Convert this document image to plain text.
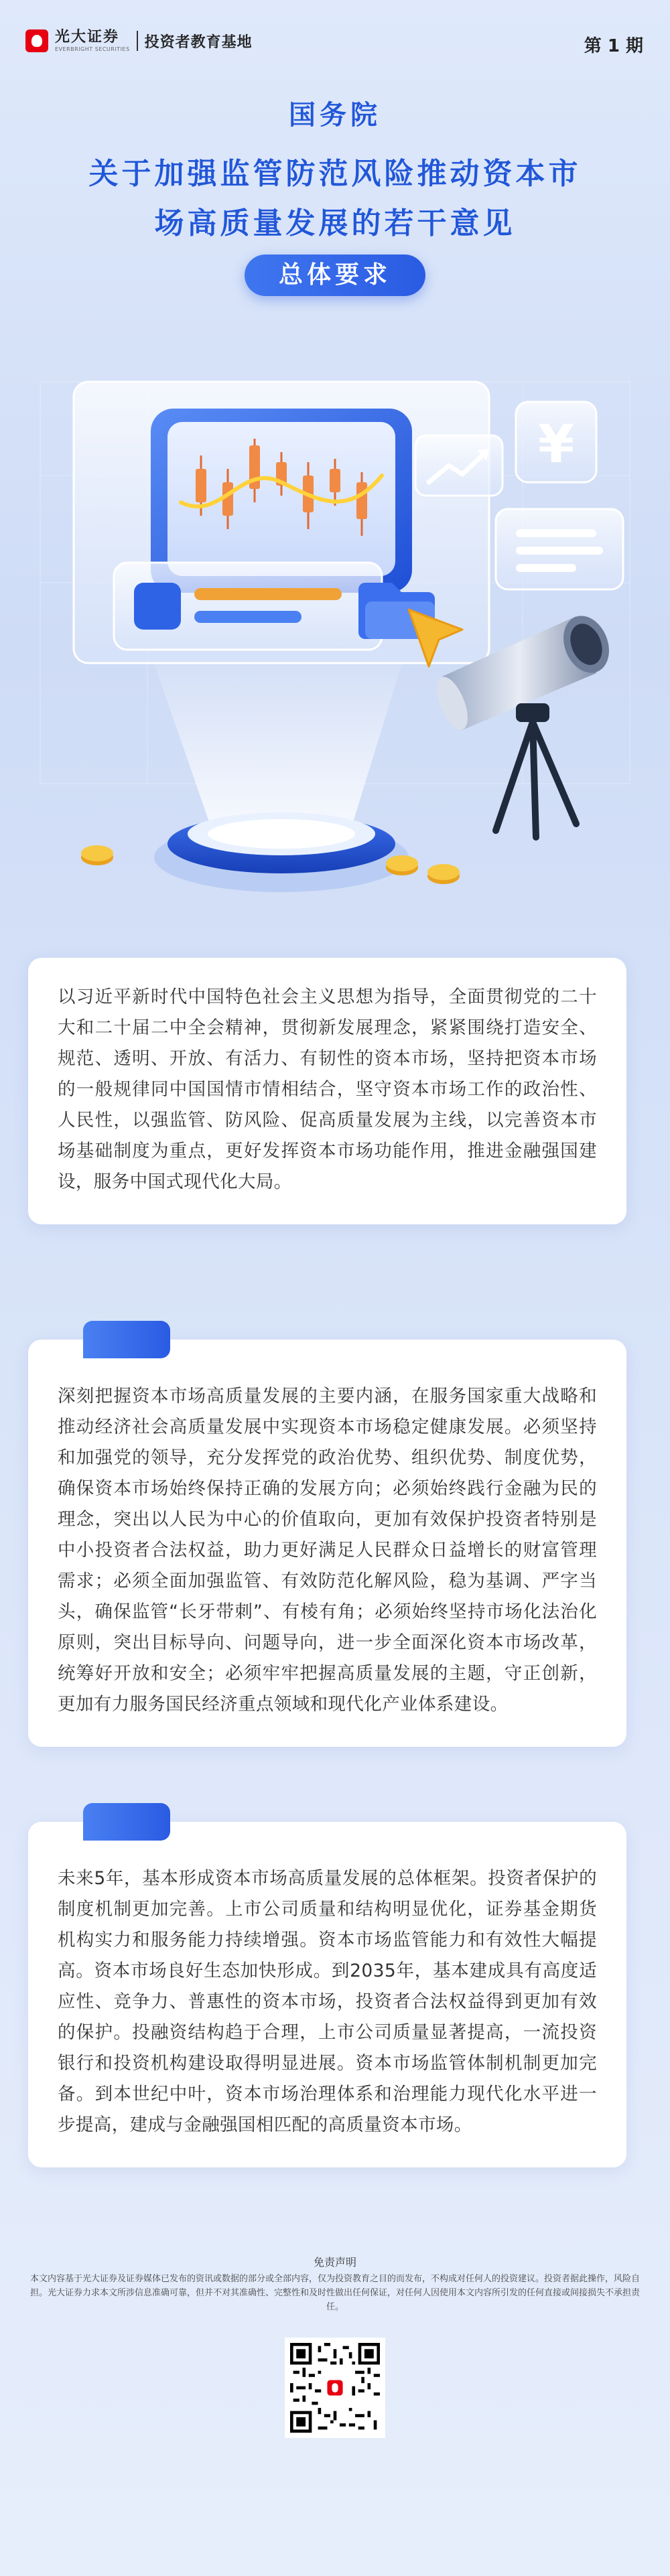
光大证券
EVERBRIGHT SECURITIES 投资者教育基地	第 1 期
国务院
关于加强监管防范风险推动资本市
场高质量发展的若干意见
总体要求
¥
以习近平新时代中国特色社会主义思想为指导，全面贯彻党的二十大和二十届二中全会精神，贯彻新发展理念，紧紧围绕打造安全、规范、透明、开放、有活力、有韧性的资本市场，坚持把资本市场的一般规律同中国国情市情相结合，坚守资本市场工作的政治性、人民性，以强监管、防风险、促高质量发展为主线，以完善资本市场基础制度为重点，更好发挥资本市场功能作用，推进金融强国建设，服务中国式现代化大局。
深刻把握资本市场高质量发展的主要内涵，在服务国家重大战略和推动经济社会高质量发展中实现资本市场稳定健康发展。必须坚持和加强党的领导，充分发挥党的政治优势、组织优势、制度优势，确保资本市场始终保持正确的发展方向；必须始终践行金融为民的理念，突出以人民为中心的价值取向，更加有效保护投资者特别是中小投资者合法权益，助力更好满足人民群众日益增长的财富管理需求；必须全面加强监管、有效防范化解风险，稳为基调、严字当头，确保监管“长牙带刺”、有棱有角；必须始终坚持市场化法治化原则，突出目标导向、问题导向，进一步全面深化资本市场改革，统筹好开放和安全；必须牢牢把握高质量发展的主题，守正创新，更加有力服务国民经济重点领域和现代化产业体系建设。
未来5年，基本形成资本市场高质量发展的总体框架。投资者保护的制度机制更加完善。上市公司质量和结构明显优化，证券基金期货机构实力和服务能力持续增强。资本市场监管能力和有效性大幅提高。资本市场良好生态加快形成。到2035年，基本建成具有高度适应性、竞争力、普惠性的资本市场，投资者合法权益得到更加有效的保护。投融资结构趋于合理，上市公司质量显著提高，一流投资银行和投资机构建设取得明显进展。资本市场监管体制机制更加完备。到本世纪中叶，资本市场治理体系和治理能力现代化水平进一步提高，建成与金融强国相匹配的高质量资本市场。
免责声明
本文内容基于光大证券及证券媒体已发布的资讯或数据的部分或全部内容，仅为投资教育之目的而发布，不构成对任何人的投资建议。投资者据此操作，风险自担。光大证券力求本文所涉信息准确可靠，但并不对其准确性、完整性和及时性做出任何保证，对任何人因使用本文内容所引发的任何直接或间接损失不承担责任。
